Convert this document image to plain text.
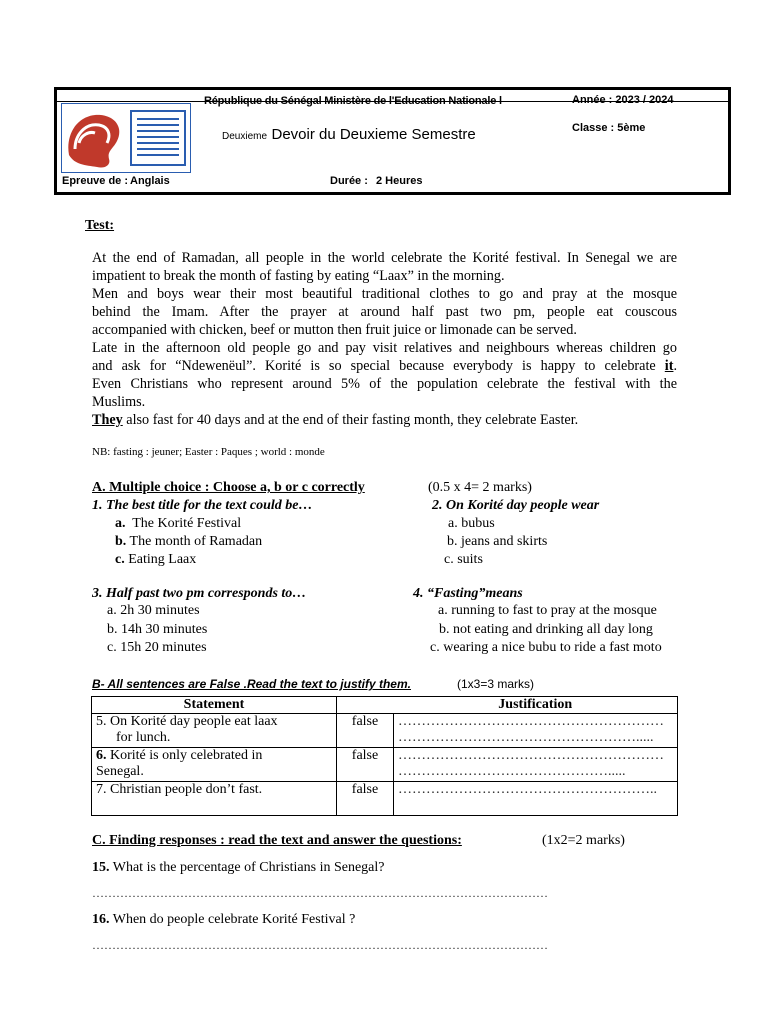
République du Sénégal Ministère de l'Education Nationale l	Année : 2023 / 2024
Classe : 5ème
Deuxieme Devoir du Deuxieme Semestre
Epreuve de : Anglais	Durée : 2 Heures
Test:
At the end of Ramadan, all people in the world celebrate the Korité festival. In Senegal we are
impatient to break the month of fasting by eating “Laax” in the morning.
Men and boys wear their most beautiful traditional clothes to go and pray at the mosque
behind the Imam. After the prayer at around half past two pm, people eat couscous
accompanied with chicken, beef or mutton then fruit juice or limonade can be served.
Late in the afternoon old people go and pay visit relatives and neighbours whereas children go
and ask for “Ndewenëul”. Korité is so special because everybody is happy to celebrate it.
Even Christians who represent around 5% of the population celebrate the festival with the
Muslims.
They also fast for 40 days and at the end of their fasting month, they celebrate Easter.
NB: fasting : jeuner; Easter : Paques ; world : monde
A. Multiple choice : Choose a, b or c correctly	(0.5 x 4= 2 marks)
1. The best title for the text could be…
a. The Korité Festival
b. The month of Ramadan
c. Eating Laax
2. On Korité day people wear
a. bubus
b. jeans and skirts
c. suits
3. Half past two pm corresponds to…
a. 2h 30 minutes
b. 14h 30 minutes
c. 15h 20 minutes
4. “Fasting”means
a. running to fast to pray at the mosque
b. not eating and drinking all day long
c. wearing a nice bubu to ride a fast moto
B- All sentences are False .Read the text to justify them.	(1x3=3 marks)
Statement		Justification
5. On Korité day people eat laax
for lunch.	false	…………………………………………………
…………………………………………….....
6. Korité is only celebrated in
Senegal.	false	…………………………………………………
……………………………………….....
7. Christian people don’t fast.	false	………………………………………………..
C. Finding responses : read the text and answer the questions:	(1x2=2 marks)
15. What is the percentage of Christians in Senegal?
……………………………………………………………………………………………………
16. When do people celebrate Korité Festival ?
……………………………………………………………………………………………………
